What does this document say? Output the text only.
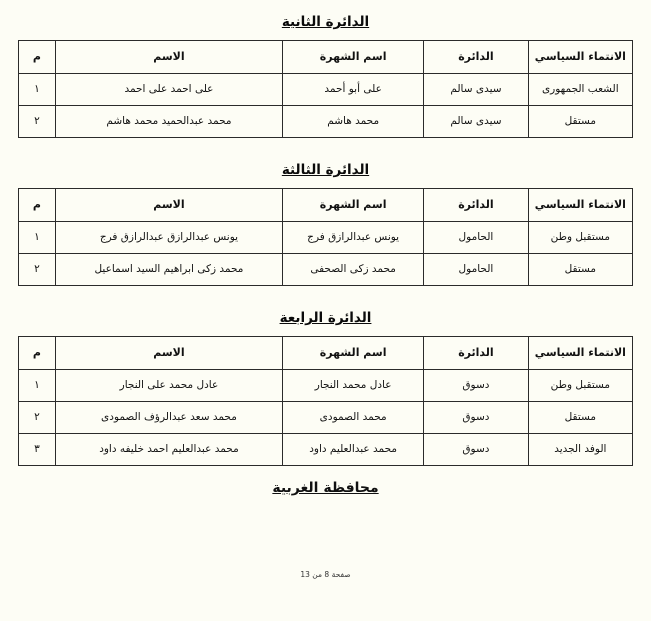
الدائرة الثانية
الانتماء السياسي	الدائرة	اسم الشهرة	الاسم	م
الشعب الجمهورى	سيدى سالم	على أبو أحمد	على احمد على احمد	١
مستقل	سيدى سالم	محمد هاشم	محمد عبدالحميد محمد هاشم	٢
الدائرة الثالثة
الانتماء السياسي	الدائرة	اسم الشهرة	الاسم	م
مستقبل وطن	الحامول	يونس عبدالرازق فرج	يونس عبدالرازق عبدالرازق فرج	١
مستقل	الحامول	محمد زكى الصحفى	محمد زكى ابراهيم السيد اسماعيل	٢
الدائرة الرابعة
الانتماء السياسي	الدائرة	اسم الشهرة	الاسم	م
مستقبل وطن	دسوق	عادل محمد النجار	عادل محمد على النجار	١
مستقل	دسوق	محمد الصمودى	محمد سعد عبدالرؤف الصمودى	٢
الوفد الجديد	دسوق	محمد عبدالعليم داود	محمد عبدالعليم احمد خليفه داود	٣
محافظة الغربية
صفحة 8 من 13
